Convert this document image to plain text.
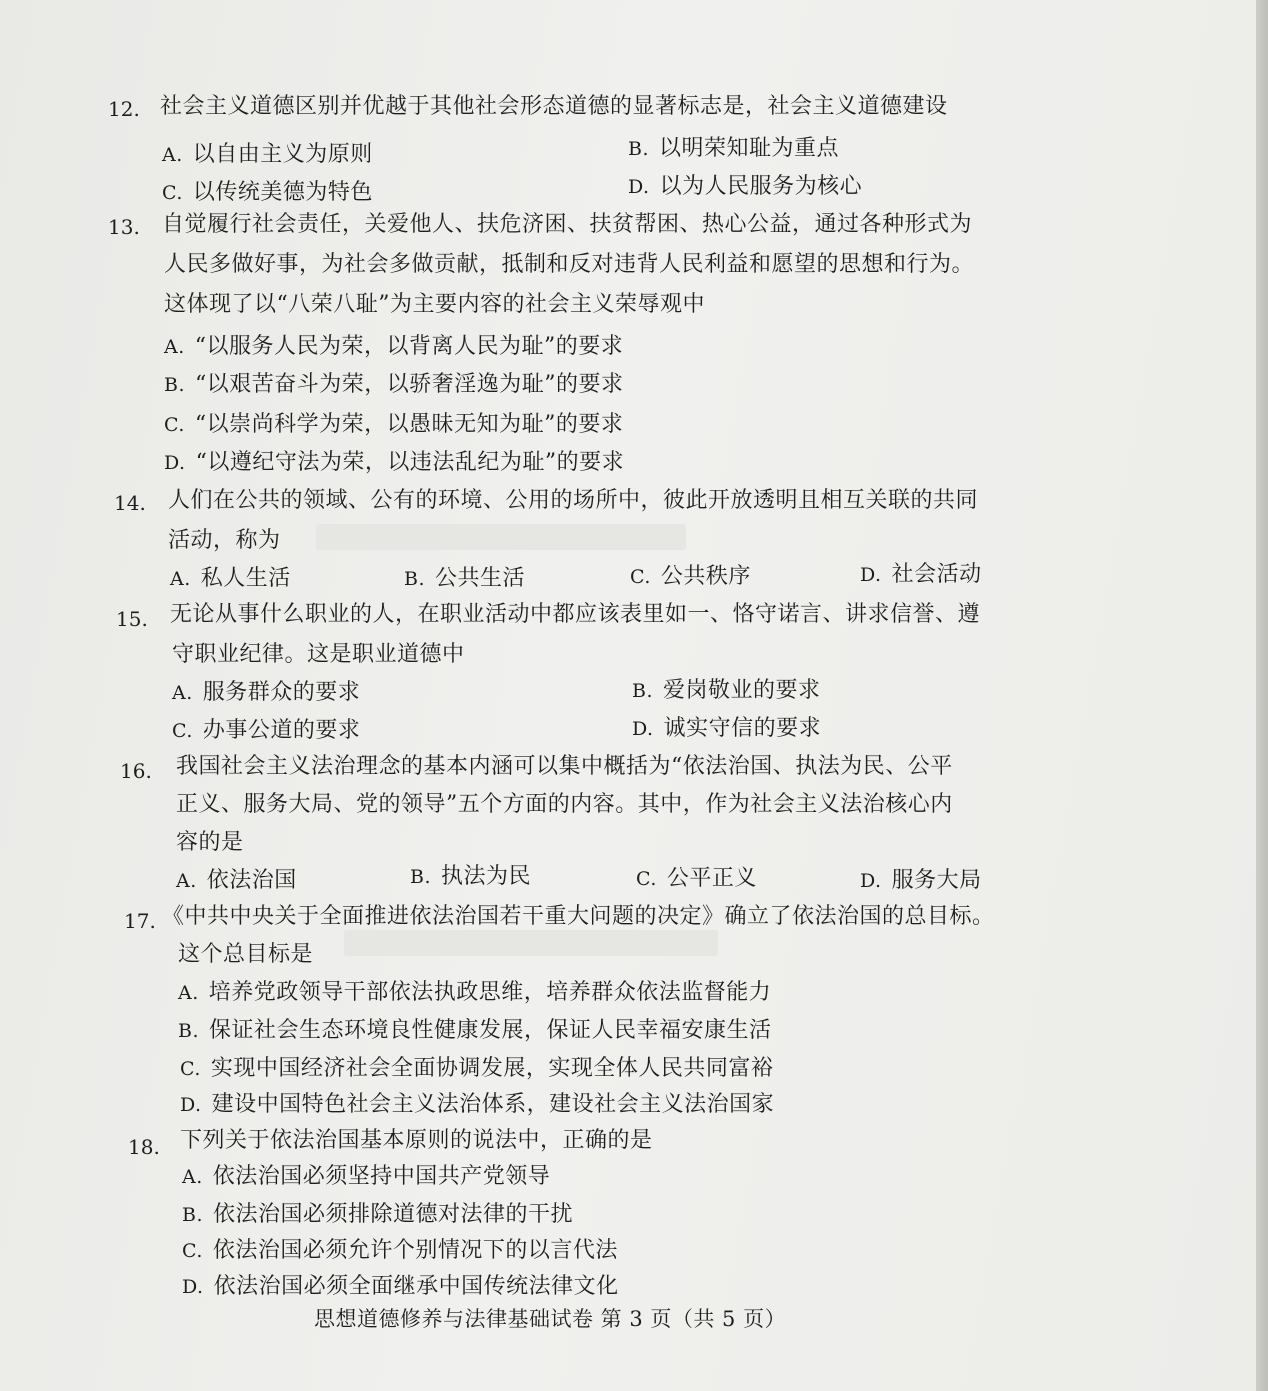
12. 社会主义道德区别并优越于其他社会形态道德的显著标志是，社会主义道德建设
A. 以自由主义为原则	B. 以明荣知耻为重点
C. 以传统美德为特色	D. 以为人民服务为核心
13. 自觉履行社会责任，关爱他人、扶危济困、扶贫帮困、热心公益，通过各种形式为
人民多做好事，为社会多做贡献，抵制和反对违背人民利益和愿望的思想和行为。
这体现了以“八荣八耻”为主要内容的社会主义荣辱观中
A. “以服务人民为荣，以背离人民为耻”的要求
B. “以艰苦奋斗为荣，以骄奢淫逸为耻”的要求
C. “以崇尚科学为荣，以愚昧无知为耻”的要求
D. “以遵纪守法为荣，以违法乱纪为耻”的要求
14. 人们在公共的领域、公有的环境、公用的场所中，彼此开放透明且相互关联的共同
活动，称为
A. 私人生活	B. 公共生活	C. 公共秩序	D. 社会活动
15. 无论从事什么职业的人，在职业活动中都应该表里如一、恪守诺言、讲求信誉、遵
守职业纪律。这是职业道德中
A. 服务群众的要求	B. 爱岗敬业的要求
C. 办事公道的要求	D. 诚实守信的要求
16. 我国社会主义法治理念的基本内涵可以集中概括为“依法治国、执法为民、公平
正义、服务大局、党的领导”五个方面的内容。其中，作为社会主义法治核心内
容的是
A. 依法治国	B. 执法为民	C. 公平正义	D. 服务大局
17. 《中共中央关于全面推进依法治国若干重大问题的决定》确立了依法治国的总目标。
这个总目标是
A. 培养党政领导干部依法执政思维，培养群众依法监督能力
B. 保证社会生态环境良性健康发展，保证人民幸福安康生活
C. 实现中国经济社会全面协调发展，实现全体人民共同富裕
D. 建设中国特色社会主义法治体系，建设社会主义法治国家
18. 下列关于依法治国基本原则的说法中，正确的是
A. 依法治国必须坚持中国共产党领导
B. 依法治国必须排除道德对法律的干扰
C. 依法治国必须允许个别情况下的以言代法
D. 依法治国必须全面继承中国传统法律文化
思想道德修养与法律基础试卷 第 3 页（共 5 页）
